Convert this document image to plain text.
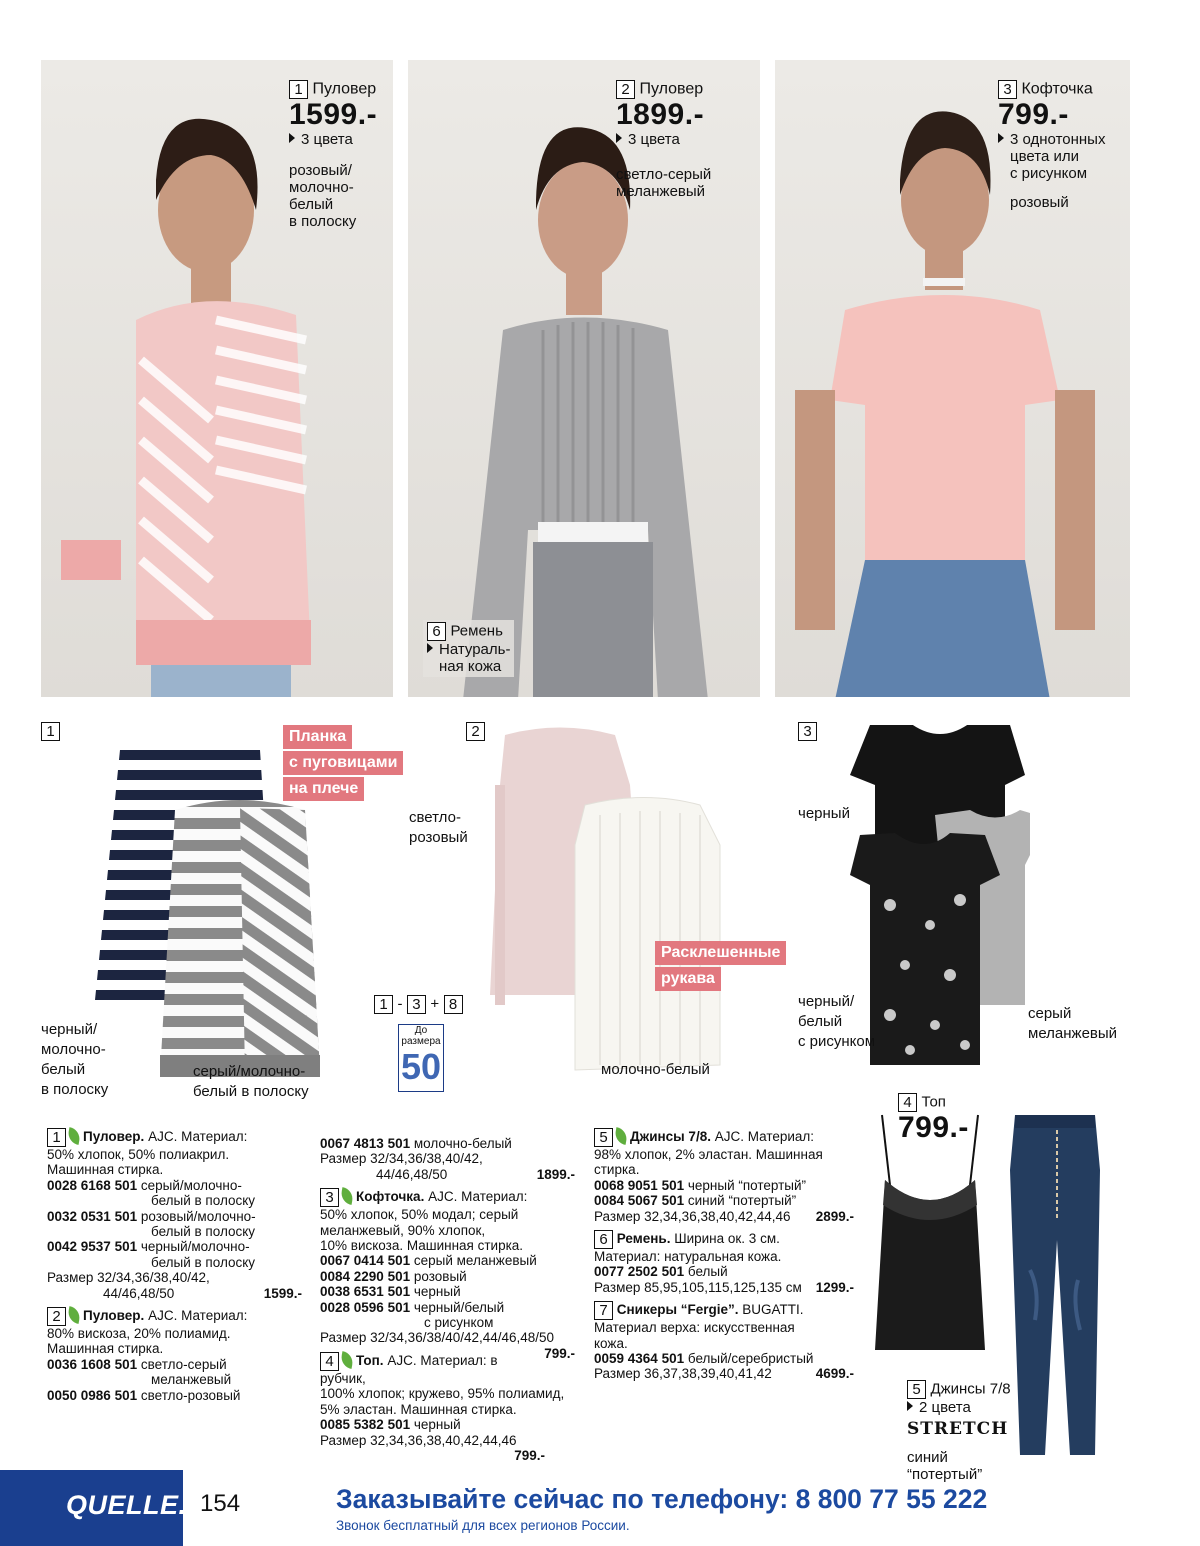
1 Пуловер
1599.-
3 цвета
розовый/
молочно-
белый
в полоску
2 Пуловер
1899.-
3 цвета
светло-серый
меланжевый
6 Ремень
Натураль-
ная кожа
3 Кофточка
799.-
3 однотонных
цвета или
с рисунком
розовый
1	Планка
с пуговицами
на плече
черный/
молочно-
белый
в полоску
серый/молочно-
белый в полоску
1 - 3 + 8
До
размера
50
2
светло-
розовый
Расклешенные
рукава
молочно-белый
3
черный
черный/
белый
с рисунком
серый
меланжевый
4 Топ
799.-
5 Джинсы 7/8
2 цвета
STRETCH
синий
“потертый”
1 Пуловер. AJC. Материал:
50% хлопок, 50% полиакрил.
Машинная стирка.
0028 6168 501 серый/молочно-
белый в полоску
0032 0531 501 розовый/молочно-
белый в полоску
0042 9537 501 черный/молочно-
белый в полоску
Размер 32/34,36/38,40/42,
44/46,48/50	1599.-
2 Пуловер. AJC. Материал:
80% вискоза, 20% полиамид.
Машинная стирка.
0036 1608 501 светло-серый
меланжевый
0050 0986 501 светло-розовый
0067 4813 501 молочно-белый
Размер 32/34,36/38,40/42,
44/46,48/50	1899.-
3 Кофточка. AJC. Материал:
50% хлопок, 50% модал; серый
меланжевый, 90% хлопок,
10% вискоза. Машинная стирка.
0067 0414 501 серый меланжевый
0084 2290 501 розовый
0038 6531 501 черный
0028 0596 501 черный/белый
с рисунком
Размер 32/34,36/38/40/42,44/46,48/50
799.-
4 Топ. AJC. Материал: в рубчик,
100% хлопок; кружево, 95% полиамид,
5% эластан. Машинная стирка.
0085 5382 501 черный
Размер 32,34,36,38,40,42,44,46
799.-
5 Джинсы 7/8. AJC. Материал:
98% хлопок, 2% эластан. Машинная
стирка.
0068 9051 501 черный “потертый”
0084 5067 501 синий “потертый”
Размер 32,34,36,38,40,42,44,46 2899.-
6 Ремень. Ширина ок. 3 см.
Материал: натуральная кожа.
0077 2502 501 белый
Размер 85,95,105,115,125,135 см 1299.-
7 Сникеры “Fergie”. BUGATTI.
Материал верха: искусственная
кожа.
0059 4364 501 белый/серебристый
Размер 36,37,38,39,40,41,42	4699.-
QUELLE. 154	Заказывайте сейчас по телефону: 8 800 77 55 222
Звонок бесплатный для всех регионов России.
